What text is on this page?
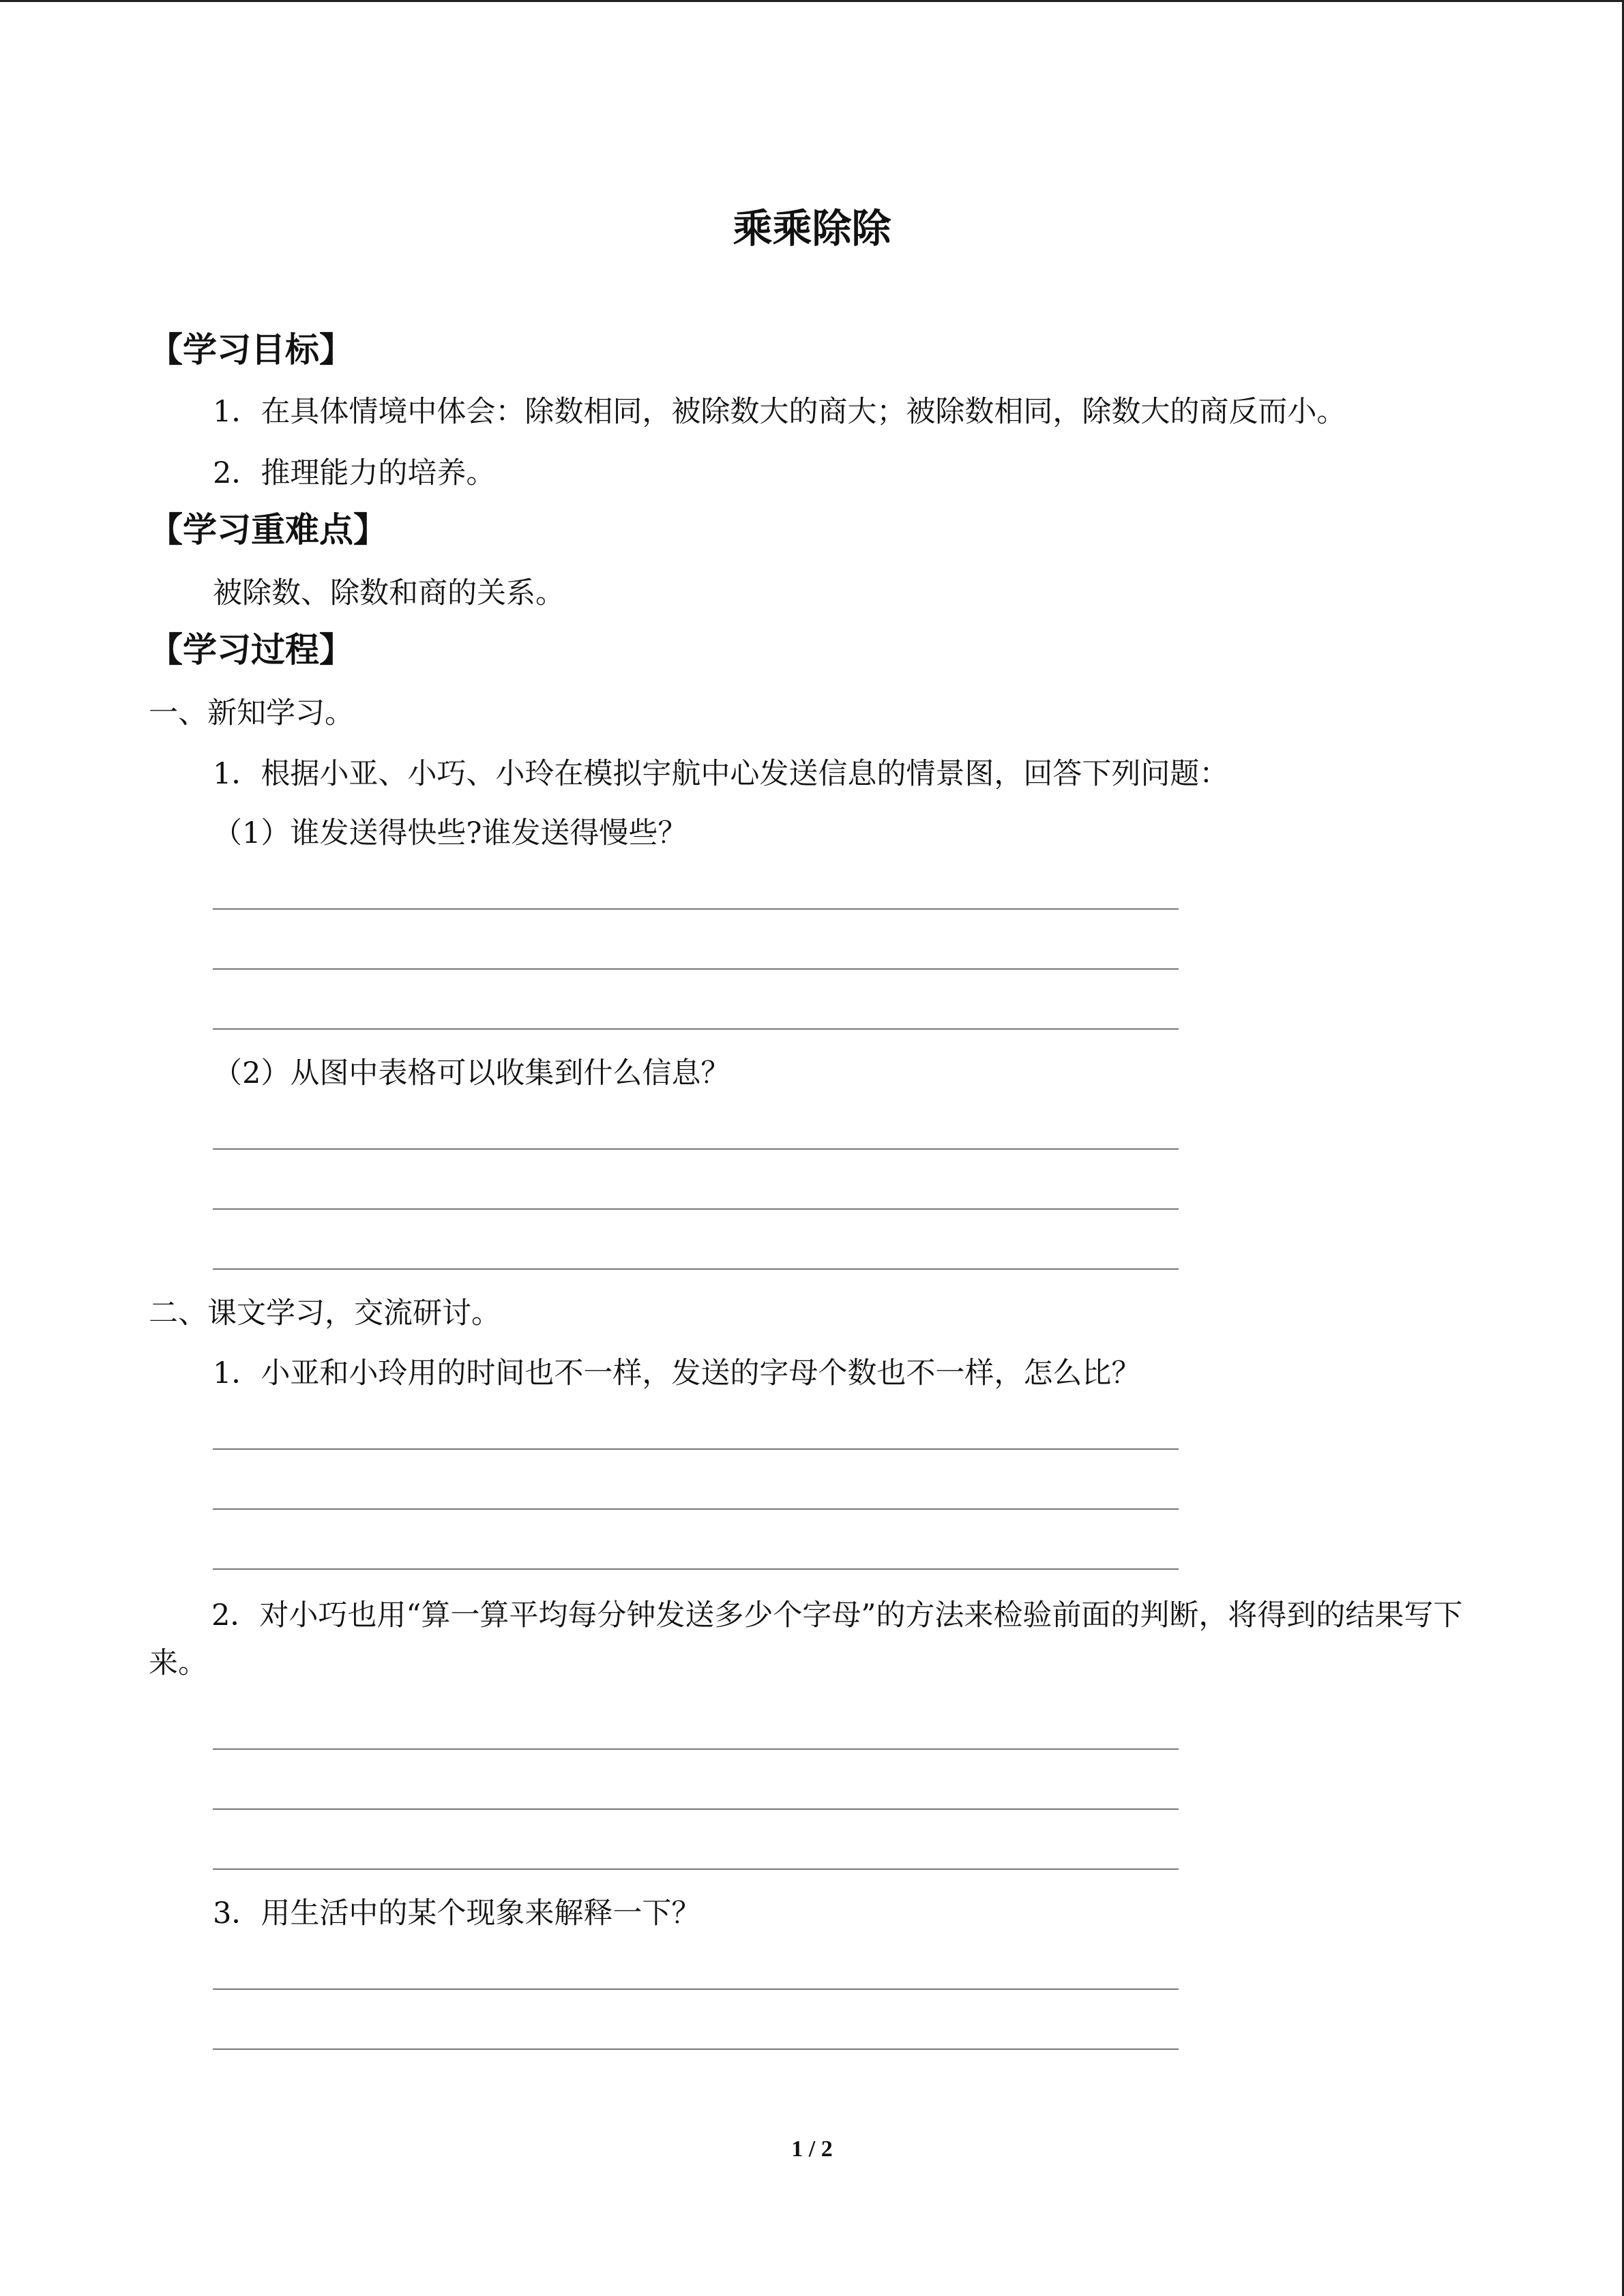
乘乘除除
【学习目标】
1．在具体情境中体会：除数相同，被除数大的商大；被除数相同，除数大的商反而小。
2．推理能力的培养。
【学习重难点】
被除数、除数和商的关系。
【学习过程】
一、新知学习。
1．根据小亚、小巧、小玲在模拟宇航中心发送信息的情景图，回答下列问题：
（1）谁发送得快些?谁发送得慢些？
（2）从图中表格可以收集到什么信息？
二、课文学习，交流研讨。
1．小亚和小玲用的时间也不一样，发送的字母个数也不一样，怎么比？
2．对小巧也用“算一算平均每分钟发送多少个字母”的方法来检验前面的判断，将得到的结果写下来。
3．用生活中的某个现象来解释一下？
1 / 2
